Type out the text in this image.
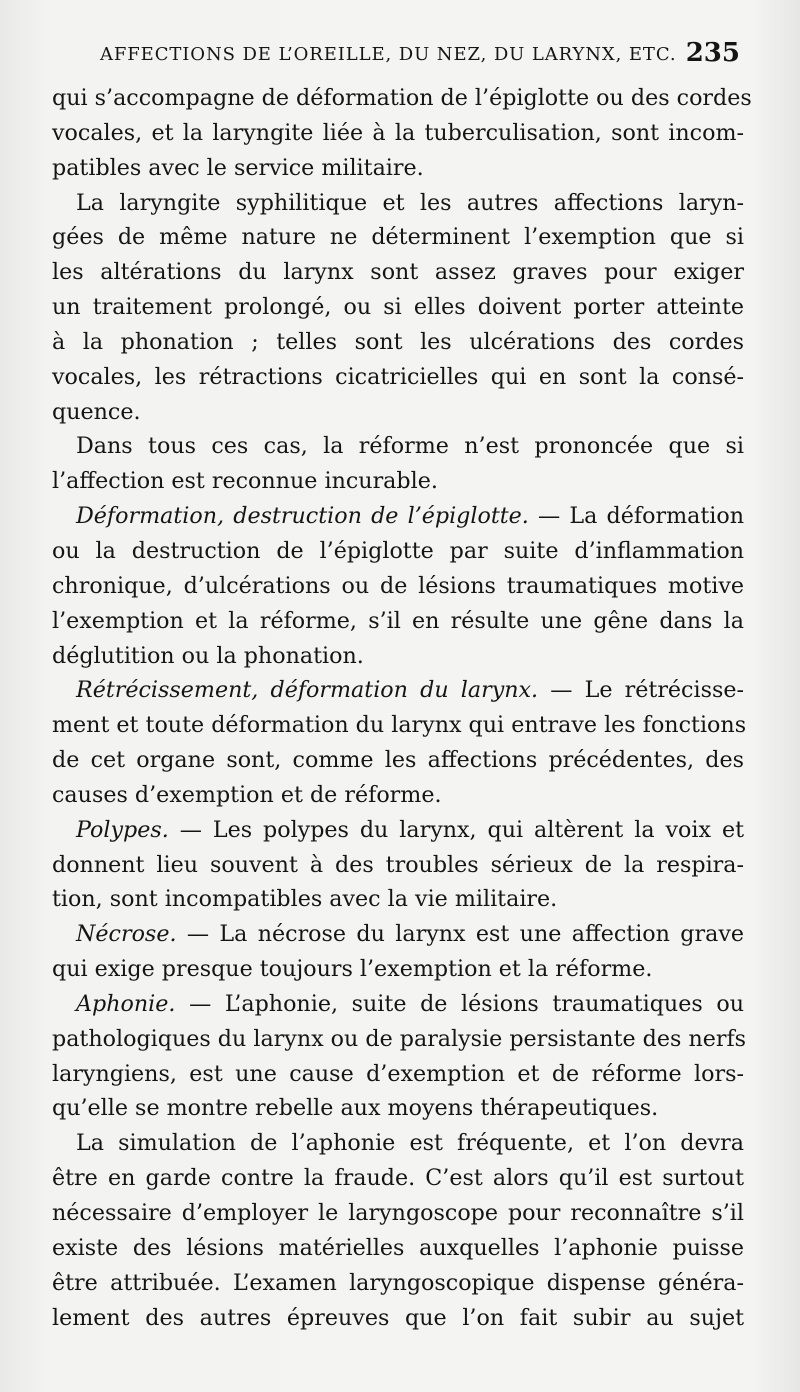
AFFECTIONS DE L’OREILLE, DU NEZ, DU LARYNX, ETC. 235
qui s’accompagne de déformation de l’épiglotte ou des cordes
vocales, et la laryngite liée à la tuberculisation, sont incom-
patibles avec le service militaire.
La laryngite syphilitique et les autres affections laryn-
gées de même nature ne déterminent l’exemption que si
les altérations du larynx sont assez graves pour exiger
un traitement prolongé, ou si elles doivent porter atteinte
à la phonation ; telles sont les ulcérations des cordes
vocales, les rétractions cicatricielles qui en sont la consé-
quence.
Dans tous ces cas, la réforme n’est prononcée que si
l’affection est reconnue incurable.
Déformation, destruction de l’épiglotte. — La déformation
ou la destruction de l’épiglotte par suite d’inflammation
chronique, d’ulcérations ou de lésions traumatiques motive
l’exemption et la réforme, s’il en résulte une gêne dans la
déglutition ou la phonation.
Rétrécissement, déformation du larynx. — Le rétrécisse-
ment et toute déformation du larynx qui entrave les fonctions
de cet organe sont, comme les affections précédentes, des
causes d’exemption et de réforme.
Polypes. — Les polypes du larynx, qui altèrent la voix et
donnent lieu souvent à des troubles sérieux de la respira-
tion, sont incompatibles avec la vie militaire.
Nécrose. — La nécrose du larynx est une affection grave
qui exige presque toujours l’exemption et la réforme.
Aphonie. — L’aphonie, suite de lésions traumatiques ou
pathologiques du larynx ou de paralysie persistante des nerfs
laryngiens, est une cause d’exemption et de réforme lors-
qu’elle se montre rebelle aux moyens thérapeutiques.
La simulation de l’aphonie est fréquente, et l’on devra
être en garde contre la fraude. C’est alors qu’il est surtout
nécessaire d’employer le laryngoscope pour reconnaître s’il
existe des lésions matérielles auxquelles l’aphonie puisse
être attribuée. L’examen laryngoscopique dispense généra-
lement des autres épreuves que l’on fait subir au sujet
